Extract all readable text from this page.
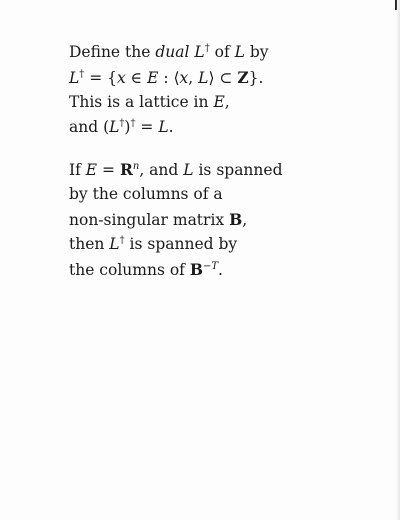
Define the dual L† of L by
L† = {x ∈ E : ⟨x, L⟩ ⊂ Z}.
This is a lattice in E,
and (L†)† = L.
If $E = R^n$, and L is spanned
by the columns of a
non-singular matrix B,
then L† is spanned by
the columns of $B^{-T}$.
